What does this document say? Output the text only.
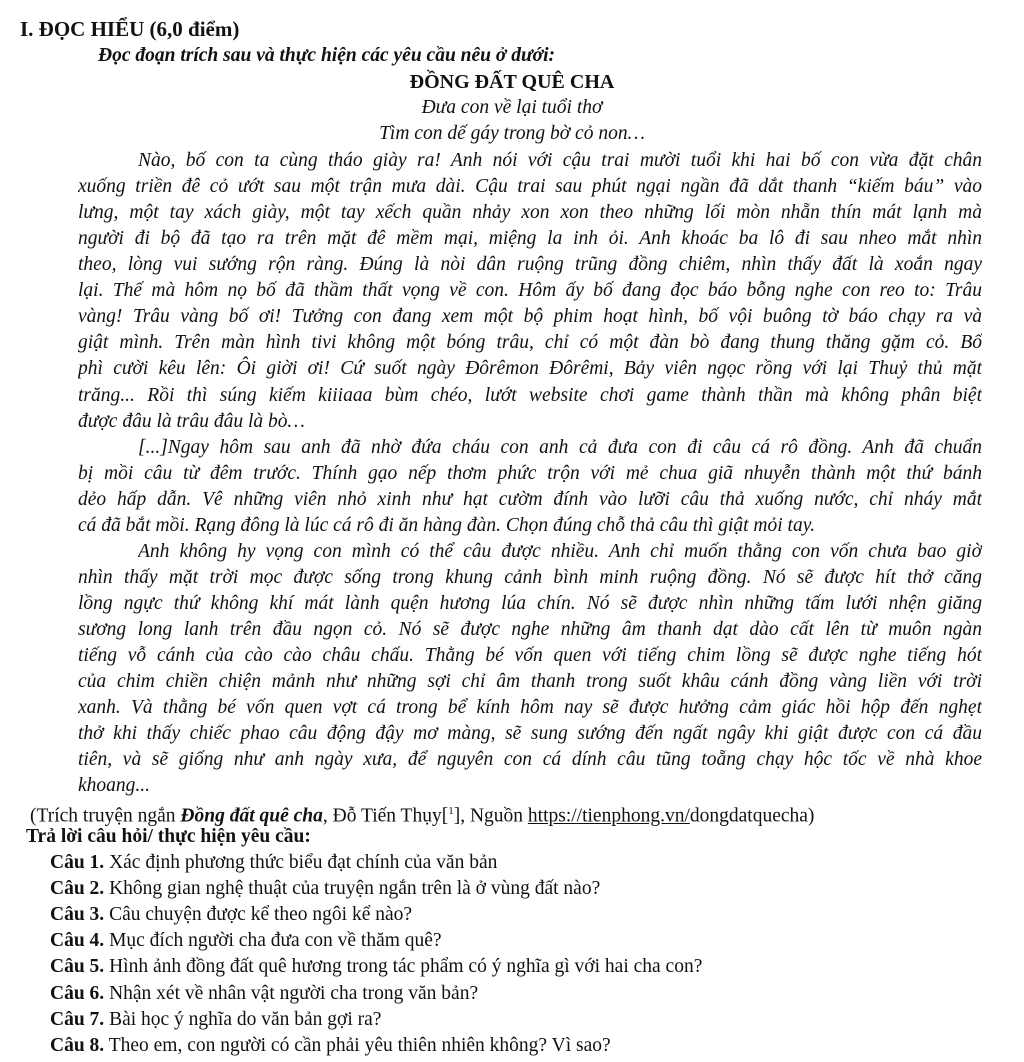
I. ĐỌC HIỂU (6,0 điểm)
Đọc đoạn trích sau và thực hiện các yêu cầu nêu ở dưới:
ĐỒNG ĐẤT QUÊ CHA
Đưa con về lại tuổi thơ
Tìm con dế gáy trong bờ cỏ non…
Nào, bố con ta cùng tháo giày ra! Anh nói với cậu trai mười tuổi khi hai bố con vừa đặt chân
xuống triền đê cỏ ướt sau một trận mưa dài. Cậu trai sau phút ngại ngần đã dắt thanh “kiếm báu” vào
lưng, một tay xách giày, một tay xếch quần nhảy xon xon theo những lối mòn nhẵn thín mát lạnh mà
người đi bộ đã tạo ra trên mặt đê mềm mại, miệng la inh ỏi. Anh khoác ba lô đi sau nheo mắt nhìn
theo, lòng vui sướng rộn ràng. Đúng là nòi dân ruộng trũng đồng chiêm, nhìn thấy đất là xoắn ngay
lại. Thế mà hôm nọ bố đã thầm thất vọng về con. Hôm ấy bố đang đọc báo bỗng nghe con reo to: Trâu
vàng! Trâu vàng bố ơi! Tưởng con đang xem một bộ phim hoạt hình, bố vội buông tờ báo chạy ra và
giật mình. Trên màn hình tivi không một bóng trâu, chỉ có một đàn bò đang thung thăng gặm cỏ. Bố
phì cười kêu lên: Ôi giời ơi! Cứ suốt ngày Đôrêmon Đôrêmi, Bảy viên ngọc rồng với lại Thuỷ thủ mặt
trăng... Rồi thì súng kiếm kiiiaaa bùm chéo, lướt website chơi game thành thần mà không phân biệt
được đâu là trâu đâu là bò…
[...]Ngay hôm sau anh đã nhờ đứa cháu con anh cả đưa con đi câu cá rô đồng. Anh đã chuẩn
bị mồi câu từ đêm trước. Thính gạo nếp thơm phức trộn với mẻ chua giã nhuyễn thành một thứ bánh
dẻo hấp dẫn. Vê những viên nhỏ xinh như hạt cườm đính vào lưỡi câu thả xuống nước, chỉ nháy mắt
cá đã bắt mồi. Rạng đông là lúc cá rô đi ăn hàng đàn. Chọn đúng chỗ thả câu thì giật mỏi tay.
Anh không hy vọng con mình có thể câu được nhiều. Anh chỉ muốn thằng con vốn chưa bao giờ
nhìn thấy mặt trời mọc được sống trong khung cảnh bình minh ruộng đồng. Nó sẽ được hít thở căng
lồng ngực thứ không khí mát lành quện hương lúa chín. Nó sẽ được nhìn những tấm lưới nhện giăng
sương long lanh trên đầu ngọn cỏ. Nó sẽ được nghe những âm thanh dạt dào cất lên từ muôn ngàn
tiếng vỗ cánh của cào cào châu chấu. Thằng bé vốn quen với tiếng chim lồng sẽ được nghe tiếng hót
của chim chiền chiện mảnh như những sợi chỉ âm thanh trong suốt khâu cánh đồng vàng liền với trời
xanh. Và thằng bé vốn quen vợt cá trong bể kính hôm nay sẽ được hưởng cảm giác hồi hộp đến nghẹt
thở khi thấy chiếc phao câu động đậy mơ màng, sẽ sung sướng đến ngất ngây khi giật được con cá đầu
tiên, và sẽ giống như anh ngày xưa, để nguyên con cá dính câu tũng toẵng chạy hộc tốc về nhà khoe
khoang...
(Trích truyện ngắn Đồng đất quê cha, Đỗ Tiến Thụy[$^1$], Nguồn https://tienphong.vn/dongdatquecha)
Trả lời câu hỏi/ thực hiện yêu cầu:
Câu 1. Xác định phương thức biểu đạt chính của văn bản
Câu 2. Không gian nghệ thuật của truyện ngắn trên là ở vùng đất nào?
Câu 3. Câu chuyện được kể theo ngôi kể nào?
Câu 4. Mục đích người cha đưa con về thăm quê?
Câu 5. Hình ảnh đồng đất quê hương trong tác phẩm có ý nghĩa gì với hai cha con?
Câu 6. Nhận xét về nhân vật người cha trong văn bản?
Câu 7. Bài học ý nghĩa do văn bản gợi ra?
Câu 8. Theo em, con người có cần phải yêu thiên nhiên không? Vì sao?
